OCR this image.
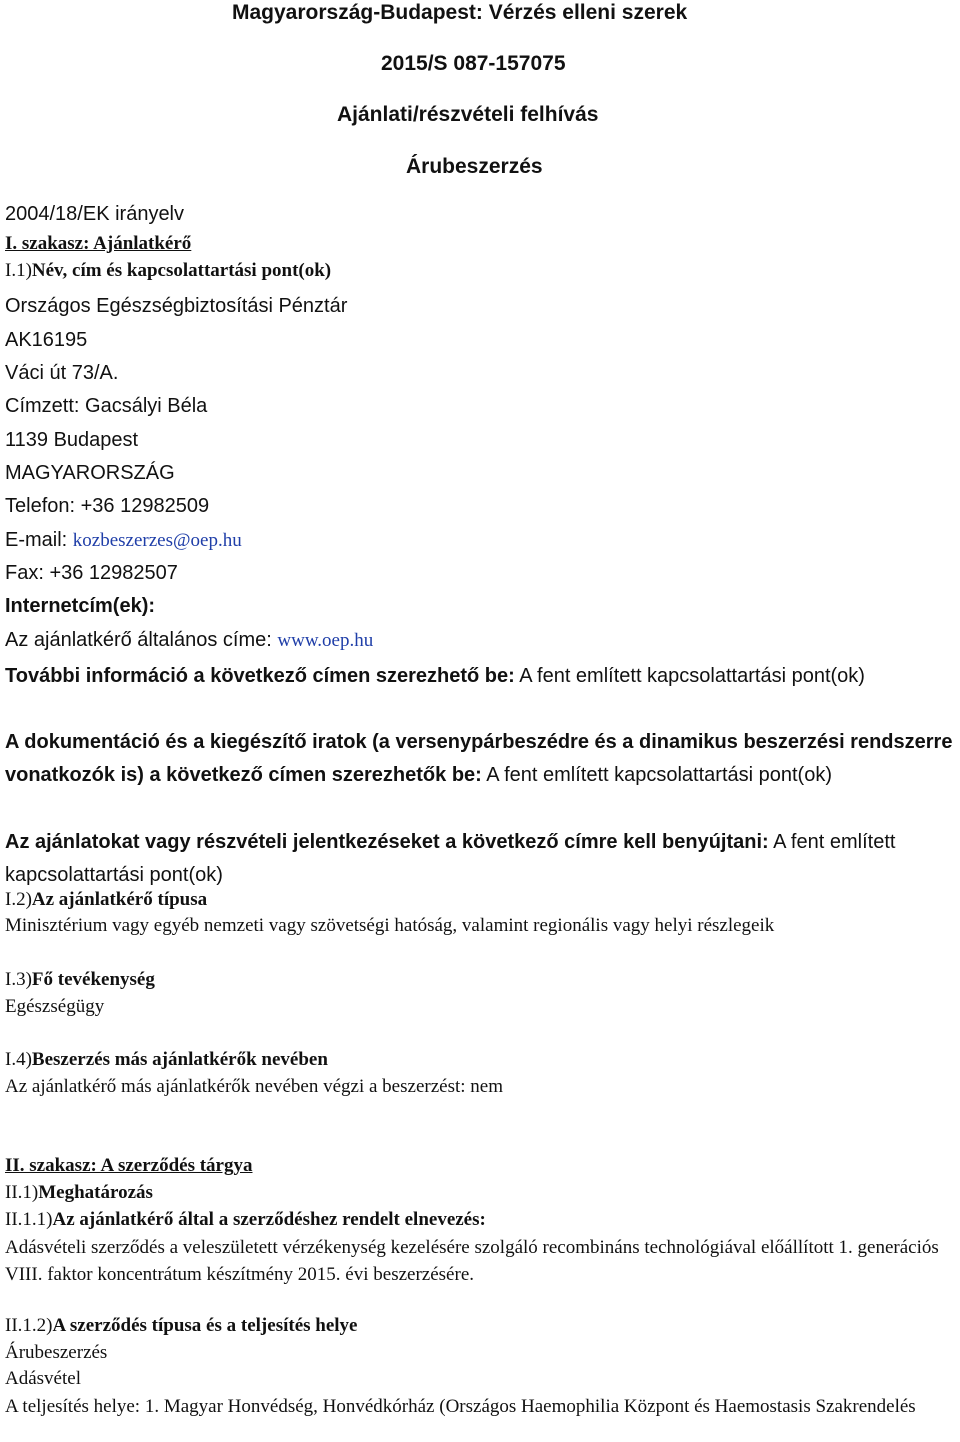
Magyarország-Budapest: Vérzés elleni szerek
2015/S 087-157075
Ajánlati/részvételi felhívás
Árubeszerzés
2004/18/EK irányelv
I. szakasz: Ajánlatkérő
I.1)Név, cím és kapcsolattartási pont(ok)
Országos Egészségbiztosítási Pénztár
AK16195
Váci út 73/A.
Címzett: Gacsályi Béla
1139 Budapest
MAGYARORSZÁG
Telefon: +36 12982509
E-mail: kozbeszerzes@oep.hu
Fax: +36 12982507
Internetcím(ek):
Az ajánlatkérő általános címe: www.oep.hu
További információ a következő címen szerezhető be: A fent említett kapcsolattartási pont(ok)
A dokumentáció és a kiegészítő iratok (a versenypárbeszédre és a dinamikus beszerzési rendszerre vonatkozók is) a következő címen szerezhetők be: A fent említett kapcsolattartási pont(ok)
Az ajánlatokat vagy részvételi jelentkezéseket a következő címre kell benyújtani: A fent említett kapcsolattartási pont(ok)
I.2)Az ajánlatkérő típusa
Minisztérium vagy egyéb nemzeti vagy szövetségi hatóság, valamint regionális vagy helyi részlegeik
I.3)Fő tevékenység
Egészségügy
I.4)Beszerzés más ajánlatkérők nevében
Az ajánlatkérő más ajánlatkérők nevében végzi a beszerzést: nem
II. szakasz: A szerződés tárgya
II.1)Meghatározás
II.1.1)Az ajánlatkérő által a szerződéshez rendelt elnevezés:
Adásvételi szerződés a veleszületett vérzékenység kezelésére szolgáló recombináns technológiával előállított 1. generációs VIII. faktor koncentrátum készítmény 2015. évi beszerzésére.
II.1.2)A szerződés típusa és a teljesítés helye
Árubeszerzés
Adásvétel
A teljesítés helye: 1. Magyar Honvédség, Honvédkórház (Országos Haemophilia Központ és Haemostasis Szakrendelés
